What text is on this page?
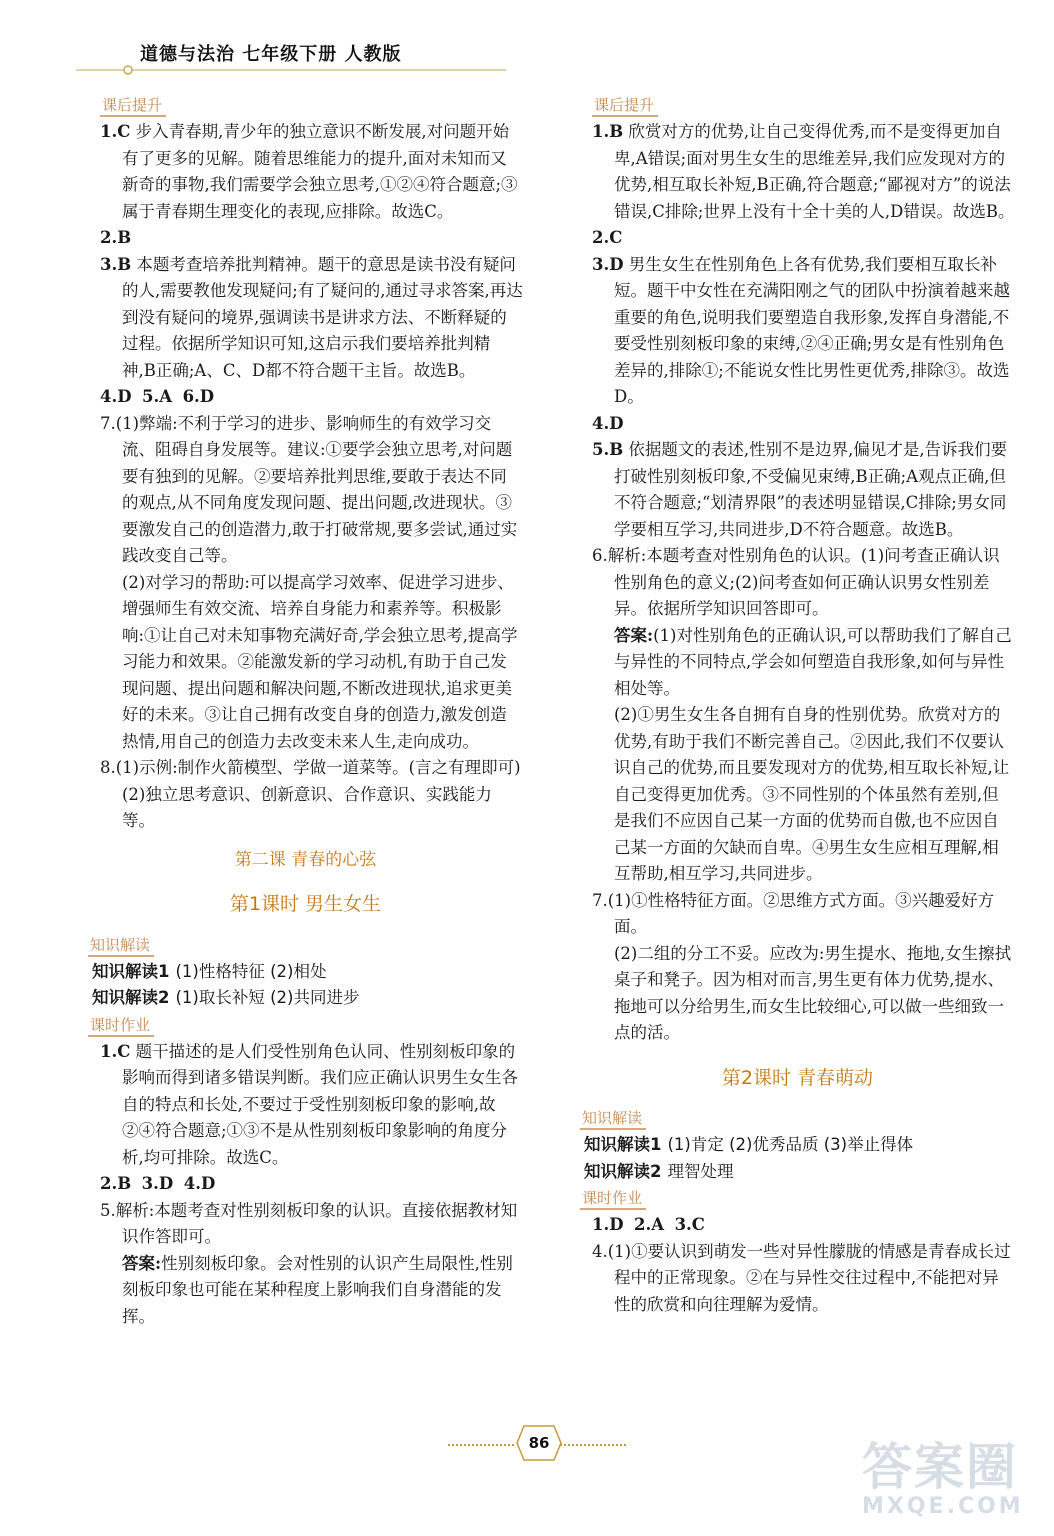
道德与法治 七年级下册 人教版
课后提升
1.C 步入青春期,青少年的独立意识不断发展,对问题开始有了更多的见解。随着思维能力的提升,面对未知而又新奇的事物,我们需要学会独立思考,①②④符合题意;③属于青春期生理变化的表现,应排除。故选C。
2.B
3.B 本题考查培养批判精神。题干的意思是读书没有疑问的人,需要教他发现疑问;有了疑问的,通过寻求答案,再达到没有疑问的境界,强调读书是讲求方法、不断释疑的过程。依据所学知识可知,这启示我们要培养批判精神,B正确;A、C、D都不符合题干主旨。故选B。
4.D 5.A 6.D
7.(1)弊端:不利于学习的进步、影响师生的有效学习交流、阻碍自身发展等。建议:①要学会独立思考,对问题要有独到的见解。②要培养批判思维,要敢于表达不同的观点,从不同角度发现问题、提出问题,改进现状。③要激发自己的创造潜力,敢于打破常规,要多尝试,通过实践改变自己等。
(2)对学习的帮助:可以提高学习效率、促进学习进步、增强师生有效交流、培养自身能力和素养等。积极影响:①让自己对未知事物充满好奇,学会独立思考,提高学习能力和效果。②能激发新的学习动机,有助于自己发现问题、提出问题和解决问题,不断改进现状,追求更美好的未来。③让自己拥有改变自身的创造力,激发创造热情,用自己的创造力去改变未来人生,走向成功。
8.(1)示例:制作火箭模型、学做一道菜等。(言之有理即可)
(2)独立思考意识、创新意识、合作意识、实践能力等。
第二课 青春的心弦
第1课时 男生女生
知识解读
知识解读1 (1)性格特征 (2)相处
知识解读2 (1)取长补短 (2)共同进步
课时作业
1.C 题干描述的是人们受性别角色认同、性别刻板印象的影响而得到诸多错误判断。我们应正确认识男生女生各自的特点和长处,不要过于受性别刻板印象的影响,故②④符合题意;①③不是从性别刻板印象影响的角度分析,均可排除。故选C。
2.B 3.D 4.D
5.解析:本题考查对性别刻板印象的认识。直接依据教材知识作答即可。
答案:性别刻板印象。会对性别的认识产生局限性,性别刻板印象也可能在某种程度上影响我们自身潜能的发挥。
课后提升
1.B 欣赏对方的优势,让自己变得优秀,而不是变得更加自卑,A错误;面对男生女生的思维差异,我们应发现对方的优势,相互取长补短,B正确,符合题意;“鄙视对方”的说法错误,C排除;世界上没有十全十美的人,D错误。故选B。
2.C
3.D 男生女生在性别角色上各有优势,我们要相互取长补短。题干中女性在充满阳刚之气的团队中扮演着越来越重要的角色,说明我们要塑造自我形象,发挥自身潜能,不要受性别刻板印象的束缚,②④正确;男女是有性别角色差异的,排除①;不能说女性比男性更优秀,排除③。故选D。
4.D
5.B 依据题文的表述,性别不是边界,偏见才是,告诉我们要打破性别刻板印象,不受偏见束缚,B正确;A观点正确,但不符合题意;“划清界限”的表述明显错误,C排除;男女同学要相互学习,共同进步,D不符合题意。故选B。
6.解析:本题考查对性别角色的认识。(1)问考查正确认识性别角色的意义;(2)问考查如何正确认识男女性别差异。依据所学知识回答即可。
答案:(1)对性别角色的正确认识,可以帮助我们了解自己与异性的不同特点,学会如何塑造自我形象,如何与异性相处等。
(2)①男生女生各自拥有自身的性别优势。欣赏对方的优势,有助于我们不断完善自己。②因此,我们不仅要认识自己的优势,而且要发现对方的优势,相互取长补短,让自己变得更加优秀。③不同性别的个体虽然有差别,但是我们不应因自己某一方面的优势而自傲,也不应因自己某一方面的欠缺而自卑。④男生女生应相互理解,相互帮助,相互学习,共同进步。
7.(1)①性格特征方面。②思维方式方面。③兴趣爱好方面。
(2)二组的分工不妥。应改为:男生提水、拖地,女生擦拭桌子和凳子。因为相对而言,男生更有体力优势,提水、拖地可以分给男生,而女生比较细心,可以做一些细致一点的活。
第2课时 青春萌动
知识解读
知识解读1 (1)肯定 (2)优秀品质 (3)举止得体
知识解读2 理智处理
课时作业
1.D 2.A 3.C
4.(1)①要认识到萌发一些对异性朦胧的情感是青春成长过程中的正常现象。②在与异性交往过程中,不能把对异性的欣赏和向往理解为爱情。
86	答案圈
MXQE.COM
